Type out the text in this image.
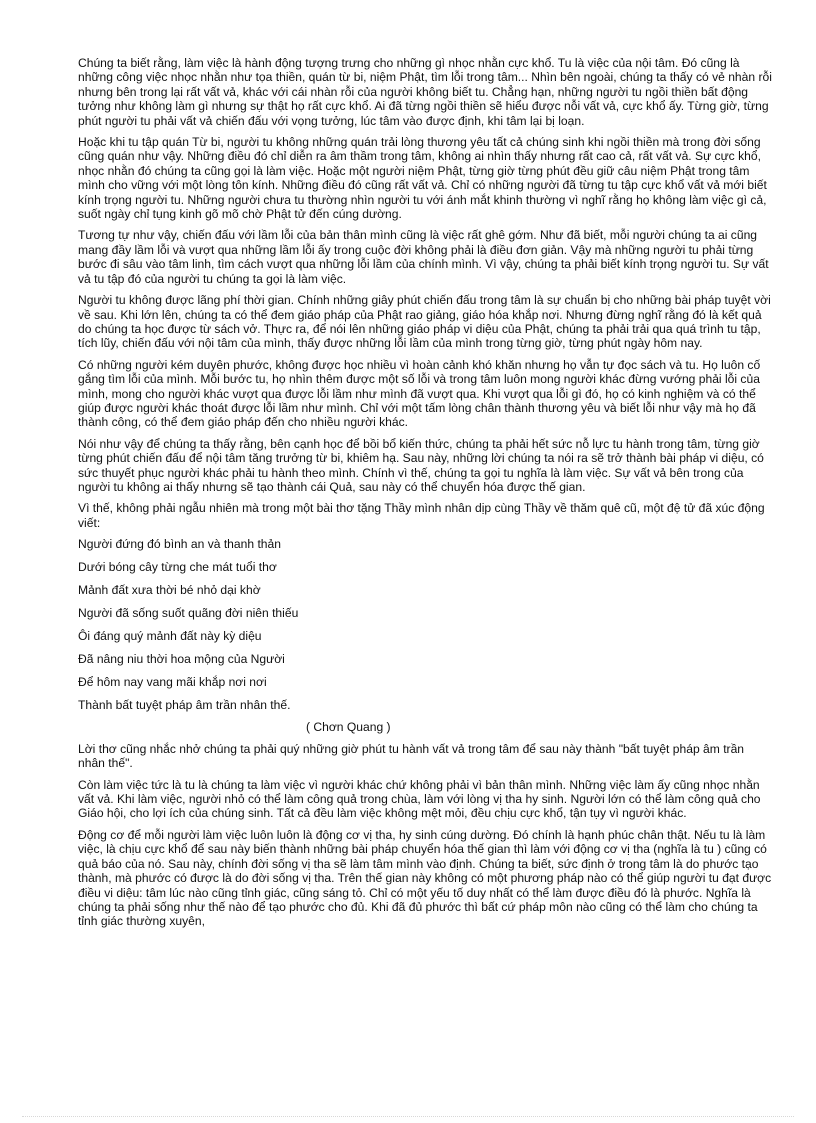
Chúng ta biết rằng, làm việc là hành động tượng trưng cho những gì nhọc nhằn cực khổ. Tu là việc của nội tâm. Đó cũng là những công việc nhọc nhằn như tọa thiền, quán từ bi, niệm Phật, tìm lỗi trong tâm... Nhìn bên ngoài, chúng ta thấy có vẻ nhàn rỗi nhưng bên trong lại rất vất vả, khác với cái nhàn rỗi của người không biết tu. Chẳng hạn, những người tu ngồi thiền bất động tưởng như không làm gì nhưng sự thật họ rất cực khổ. Ai đã từng ngồi thiền sẽ hiểu được nỗi vất vả, cực khổ ấy. Từng giờ, từng phút người tu phải vất vả chiến đấu với vọng tưởng, lúc tâm vào được định, khi tâm lại bị loạn.

Hoặc khi tu tập quán Từ bi, người tu không những quán trải lòng thương yêu tất cả chúng sinh khi ngồi thiền mà trong đời sống cũng quán như vậy. Những điều đó chỉ diễn ra âm thầm trong tâm, không ai nhìn thấy nhưng rất cao cả, rất vất vả. Sự cực khổ, nhọc nhằn đó chúng ta cũng gọi là làm việc. Hoặc một người niệm Phật, từng giờ từng phút đều giữ câu niệm Phật trong tâm mình cho vững với một lòng tôn kính. Những điều đó cũng rất vất vả. Chỉ có những người đã từng tu tập cực khổ vất vả mới biết kính trọng người tu. Những người chưa tu thường nhìn người tu với ánh mắt khinh thường vì nghĩ rằng họ không làm việc gì cả, suốt ngày chỉ tụng kinh gõ mõ chờ Phật tử đến cúng dường.

Tương tự như vậy, chiến đấu với lầm lỗi của bản thân mình cũng là việc rất ghê gớm. Như đã biết, mỗi người chúng ta ai cũng mang đầy lầm lỗi và vượt qua những lầm lỗi ấy trong cuộc đời không phải là điều đơn giản. Vậy mà những người tu phải từng bước đi sâu vào tâm linh, tìm cách vượt qua những lỗi lầm của chính mình. Vì vậy, chúng ta phải biết kính trọng người tu. Sự vất vả tu tập đó của người tu chúng ta gọi là làm việc.

Người tu không được lãng phí thời gian. Chính những giây phút chiến đấu trong tâm là sự chuẩn bị cho những bài pháp tuyệt vời về sau. Khi lớn lên, chúng ta có thể đem giáo pháp của Phật rao giảng, giáo hóa khắp nơi. Nhưng đừng nghĩ rằng đó là kết quả do chúng ta học được từ sách vở. Thực ra, để nói lên những giáo pháp vi diệu của Phật, chúng ta phải trải qua quá trình tu tập, tích lũy, chiến đấu với nội tâm của mình, thấy được những lỗi lầm của mình trong từng giờ, từng phút ngày hôm nay.

Có những người kém duyên phước, không được học nhiều vì hoàn cảnh khó khăn nhưng họ vẫn tự đọc sách và tu. Họ luôn cố gắng tìm lỗi của mình. Mỗi bước tu, họ nhìn thêm được một số lỗi và trong tâm luôn mong người khác đừng vướng phải lỗi của mình, mong cho người khác vượt qua được lỗi lầm như mình đã vượt qua. Khi vượt qua lỗi gì đó, họ có kinh nghiệm và có thể giúp được người khác thoát được lỗi lầm như mình. Chỉ với một tấm lòng chân thành thương yêu và biết lỗi như vậy mà họ đã thành công, có thể đem giáo pháp đến cho nhiều người khác.

Nói như vậy để chúng ta thấy rằng, bên cạnh học để bồi bổ kiến thức, chúng ta phải hết sức nỗ lực tu hành trong tâm, từng giờ từng phút chiến đấu để nội tâm tăng trưởng từ bi, khiêm hạ. Sau này, những lời chúng ta nói ra sẽ trở thành bài pháp vi diệu, có sức thuyết phục người khác phải tu hành theo mình. Chính vì thế, chúng ta gọi tu nghĩa là làm việc. Sự vất vả bên trong của người tu không ai thấy nhưng sẽ tạo thành cái Quả, sau này có thể chuyển hóa được thế gian.

Vì thế, không phải ngẫu nhiên mà trong một bài thơ tặng Thầy mình nhân dịp cùng Thầy về thăm quê cũ, một đệ tử đã xúc động viết:

Người đứng đó bình an và thanh thản

Dưới bóng cây từng che mát tuổi thơ

Mảnh đất xưa thời bé nhỏ dại khờ

Người đã sống suốt quãng đời niên thiếu

Ôi đáng quý mảnh đất này kỳ diệu

Đã nâng niu thời hoa mộng của Người

Để hôm nay vang mãi khắp nơi nơi

Thành bất tuyệt pháp âm trần nhân thế.

( Chơn Quang )

Lời thơ cũng nhắc nhở chúng ta phải quý những giờ phút tu hành vất vả trong tâm để sau này thành "bất tuyệt pháp âm trần nhân thế".

Còn làm việc tức là tu là chúng ta làm việc vì người khác chứ không phải vì bản thân mình. Những việc làm ấy cũng nhọc nhằn vất vả. Khi làm việc, người nhỏ có thể làm công quả trong chùa, làm với lòng vị tha hy sinh. Người lớn có thể làm công quả cho Giáo hội, cho lợi ích của chúng sinh. Tất cả đều làm việc không mệt mỏi, đều chịu cực khổ, tận tụy vì người khác.

Động cơ để mỗi người làm việc luôn luôn là động cơ vị tha, hy sinh cúng dường. Đó chính là hạnh phúc chân thật. Nếu tu là làm việc, là chịu cực khổ để sau này biến thành những bài pháp chuyển hóa thế gian thì làm với động cơ vị tha (nghĩa là tu ) cũng có quả báo của nó. Sau này, chính đời sống vị tha sẽ làm tâm mình vào định. Chúng ta biết, sức định ở trong tâm là do phước tạo thành, mà phước có được là do đời sống vị tha. Trên thế gian này không có một phương pháp nào có thể giúp người tu đạt được điều vi diệu: tâm lúc nào cũng tỉnh giác, cũng sáng tỏ. Chỉ có một yếu tố duy nhất có thể làm được điều đó là phước. Nghĩa là chúng ta phải sống như thế nào để tạo phước cho đủ. Khi đã đủ phước thì bất cứ pháp môn nào cũng có thể làm cho chúng ta tỉnh giác thường xuyên,
